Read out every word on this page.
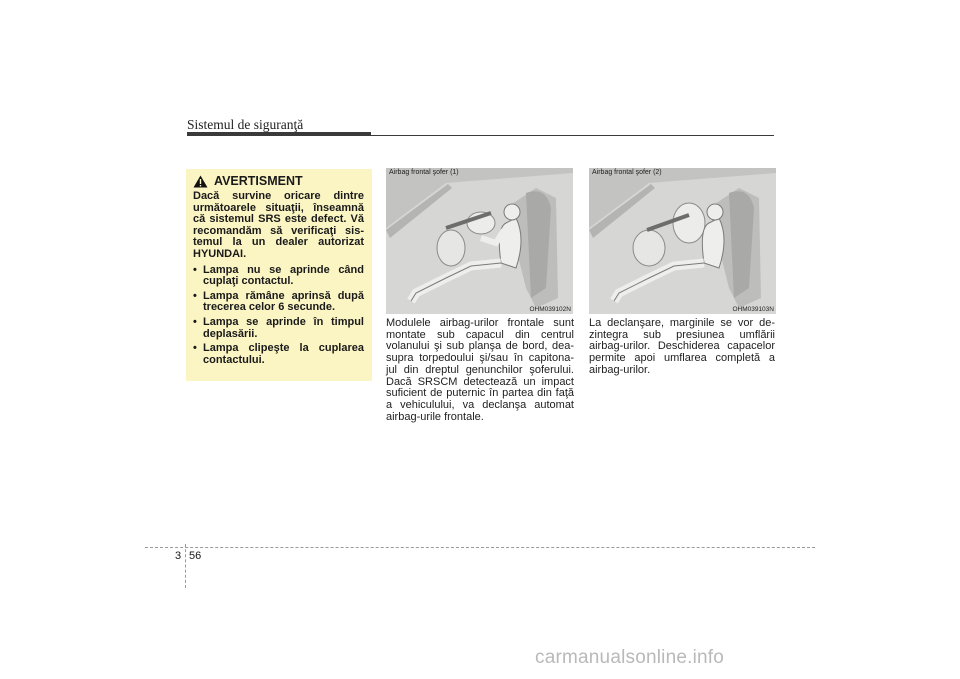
Sistemul de siguranţă
AVERTISMENT

Dacă survine oricare dintre următoarele situaţii, înseamnă că sistemul SRS este defect. Vă recomandăm să verificaţi sis-temul la un dealer autorizat HYUNDAI.

• Lampa nu se aprinde când cuplaţi contactul.
• Lampa rămâne aprinsă după trecerea celor 6 secunde.
• Lampa se aprinde în timpul deplasării.
• Lampa clipeşte la cuplarea contactului.
Airbag frontal şofer (1)
OHM039102N
Airbag frontal şofer (2)
OHM039103N
Modulele airbag-urilor frontale sunt montate sub capacul din centrul volanului şi sub planşa de bord, dea-supra torpedoului şi/sau în capitona-jul din dreptul genunchilor şoferului. Dacă SRSCM detectează un impact suficient de puternic în partea din faţă a vehiculului, va declanşa automat airbag-urile frontale.
La declanşare, marginile se vor de-zintegra sub presiunea umflării airbag-urilor. Deschiderea capacelor permite apoi umflarea completă a airbag-urilor.
3 56
carmanualsonline.info
